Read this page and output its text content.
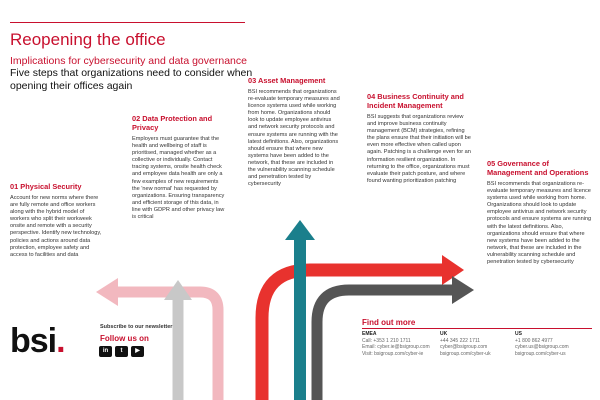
Reopening the office
Implications for cybersecurity and data governance
Five steps that organizations need to consider when opening their offices again
01 Physical Security

Account for new norms where there are fully remote and office workers along with the hybrid model of workers who split their workweek onsite and remote with a security perspective. Identify new technology, policies and actions around data protection, employee safety and access to facilities and data

02 Data Protection and Privacy

Employers must guarantee that the health and wellbeing of staff is prioritised, managed whether as a collective or individually. Contact tracing systems, onsite health check and employee data health are only a few examples of new requirements the 'new normal' has requested by organizations. Ensuring transparency and efficient storage of this data, in line with GDPR and other privacy law is critical

03 Asset Management

BSI recommends that organizations re-evaluate temporary measures and licence systems used while working from home. Organizations should look to update employee antivirus and network security protocols and ensure systems are running with the latest definitions. Also, organizations should ensure that where new systems have been added to the network, that these are included in the vulnerability scanning schedule and penetration tested by cybersecurity

04 Business Continuity and Incident Management

BSI suggests that organizations review and improve business continuity management (BCM) strategies, refining the plans ensure that their initiation will be even more effective when called upon again. Patching is a challenge even for an information resilient organization. In returning to the office, organizations must evaluate their patch posture, and where found wanting prioritization patching

05 Governance of Management and Operations

BSI recommends that organizations re-evaluate temporary measures and licence systems used while working from home. Organizations should look to update employee antivirus and network security protocols and ensure systems are running with the latest definitions. Also, organizations should ensure that where new systems have been added to the network, that these are included in the vulnerability scanning schedule and penetration tested by cybersecurity

bsi.	Subscribe to our newsletter
Follow us on
in	t	▶
Find out more
EMEA
Call: +353 1 210 1711
Email: cyber.ie@bsigroup.com
Visit: bsigroup.com/cyber-ie
UK
+44 345 222 1711
cyber@bsigroup.com
bsigroup.com/cyber-uk
US
+1 800 862 4977
cyber.us@bsigroup.com
bsigroup.com/cyber-us
